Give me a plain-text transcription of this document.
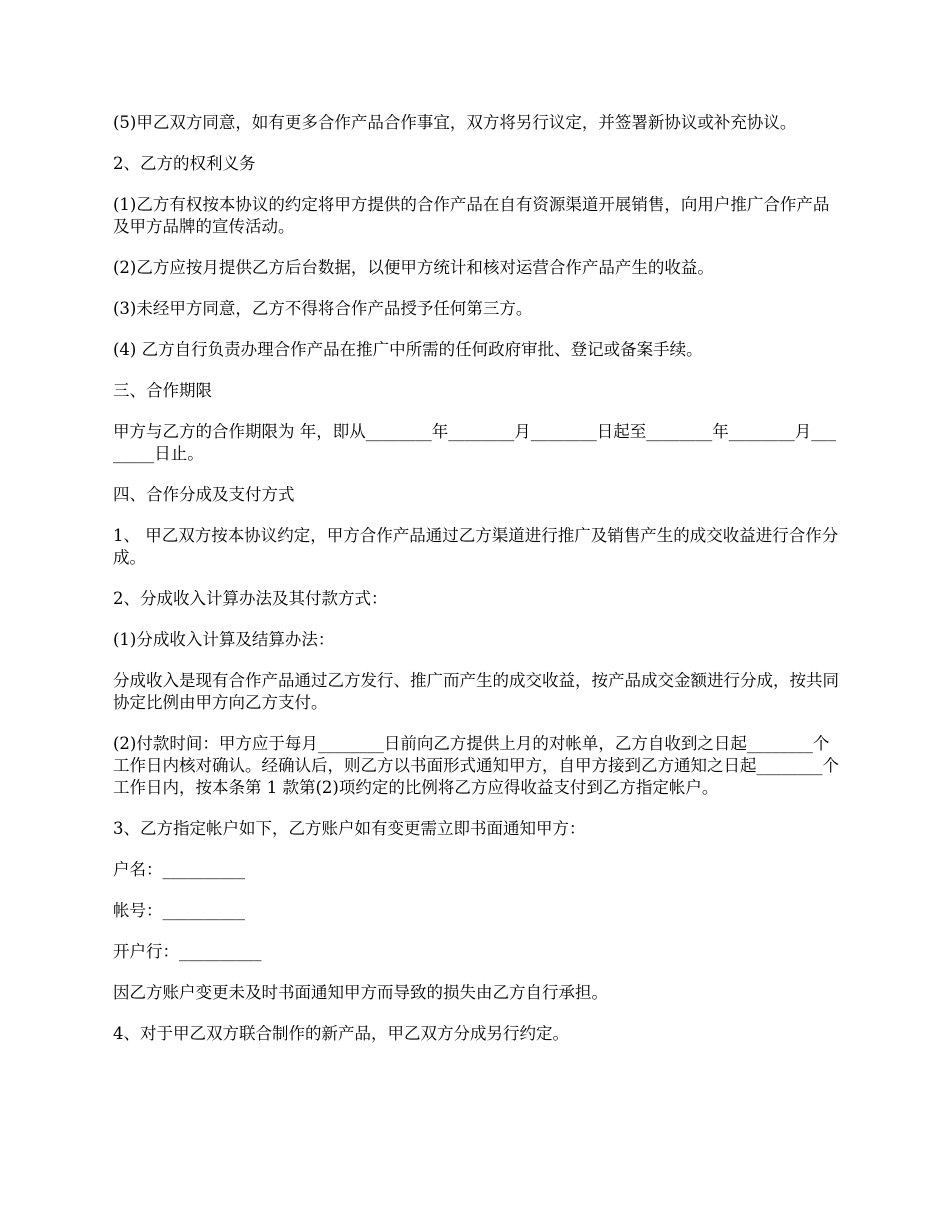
(5)甲乙双方同意，如有更多合作产品合作事宜，双方将另行议定，并签署新协议或补充协议。

2、乙方的权利义务

(1)乙方有权按本协议的约定将甲方提供的合作产品在自有资源渠道开展销售，向用户推广合作产品及甲方品牌的宣传活动。

(2)乙方应按月提供乙方后台数据，以便甲方统计和核对运营合作产品产生的收益。

(3)未经甲方同意，乙方不得将合作产品授予任何第三方。

(4) 乙方自行负责办理合作产品在推广中所需的任何政府审批、登记或备案手续。

三、合作期限

甲方与乙方的合作期限为 年，即从________年________月________日起至________年________月________日止。

四、合作分成及支付方式

1、 甲乙双方按本协议约定，甲方合作产品通过乙方渠道进行推广及销售产生的成交收益进行合作分成。

2、分成收入计算办法及其付款方式：

(1)分成收入计算及结算办法：

分成收入是现有合作产品通过乙方发行、推广而产生的成交收益，按产品成交金额进行分成，按共同协定比例由甲方向乙方支付。

(2)付款时间：甲方应于每月________日前向乙方提供上月的对帐单，乙方自收到之日起________个工作日内核对确认。经确认后，则乙方以书面形式通知甲方，自甲方接到乙方通知之日起________个工作日内，按本条第 1 款第(2)项约定的比例将乙方应得收益支付到乙方指定帐户。

3、乙方指定帐户如下，乙方账户如有变更需立即书面通知甲方：

户名：__________

帐号：__________

开户行：__________

因乙方账户变更未及时书面通知甲方而导致的损失由乙方自行承担。

4、对于甲乙双方联合制作的新产品，甲乙双方分成另行约定。
